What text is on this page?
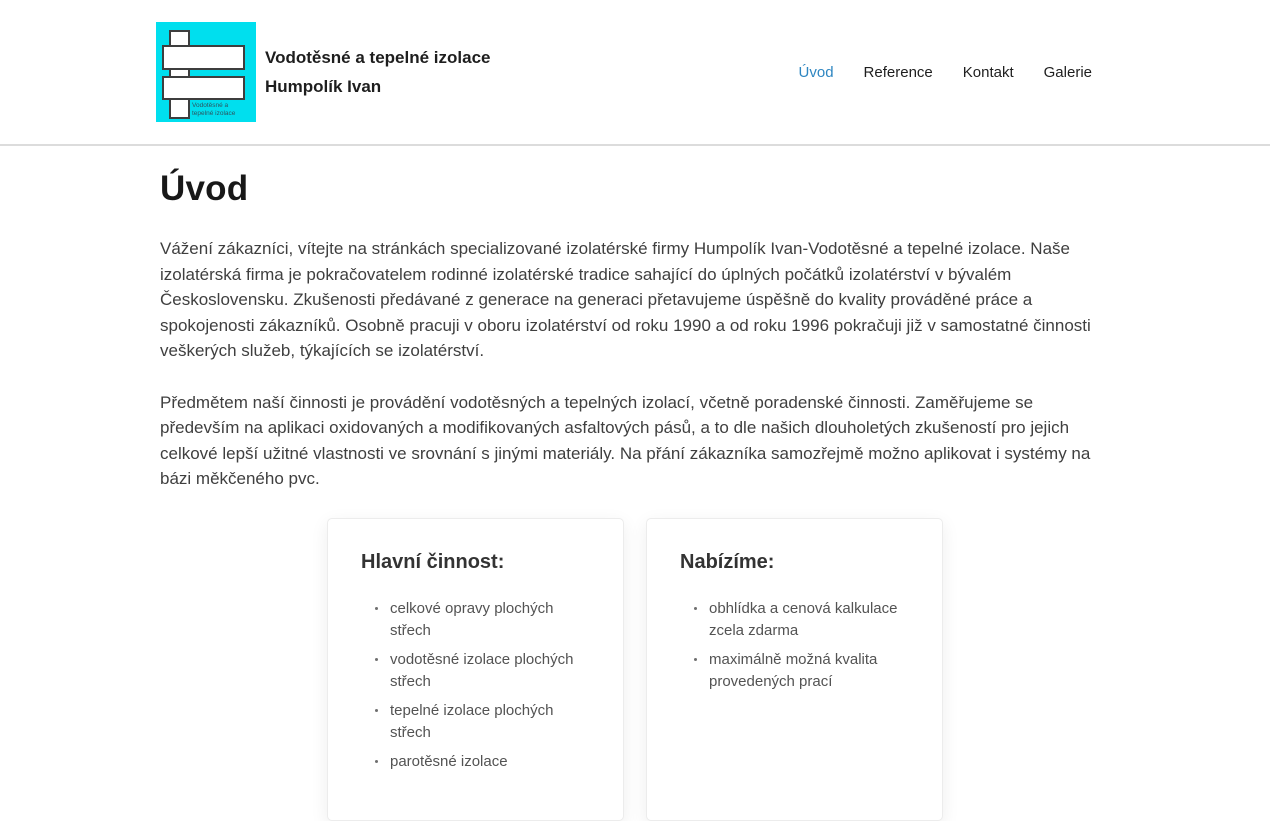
Vodotěsné a
tepelné izolace

Vodotěsné a tepelné izolace

Humpolík Ivan

Úvod Reference Kontakt Galerie
Úvod

Vážení zákazníci, vítejte na stránkách specializované izolatérské firmy Humpolík Ivan-Vodotěsné a tepelné izolace. Naše izolatérská firma je pokračovatelem rodinné izolatérské tradice sahající do úplných počátků izolatérství v bývalém Československu. Zkušenosti předávané z generace na generaci přetavujeme úspěšně do kvality prováděné práce a spokojenosti zákazníků. Osobně pracuji v oboru izolatérství od roku 1990 a od roku 1996 pokračuji již v samostatné činnosti veškerých služeb, týkajících se izolatérství.

Předmětem naší činnosti je provádění vodotěsných a tepelných izolací, včetně poradenské činnosti. Zaměřujeme se především na aplikaci oxidovaných a modifikovaných asfaltových pásů, a to dle našich dlouholetých zkušeností pro jejich celkové lepší užitné vlastnosti ve srovnání s jinými materiály. Na přání zákazníka samozřejmě možno aplikovat i systémy na bázi měkčeného pvc.

Hlavní činnost:
celkové opravy plochých střech
vodotěsné izolace plochých střech
tepelné izolace plochých střech
parotěsné izolace
Nabízíme:
obhlídka a cenová kalkulace zcela zdarma
maximálně možná kvalita provedených prací
